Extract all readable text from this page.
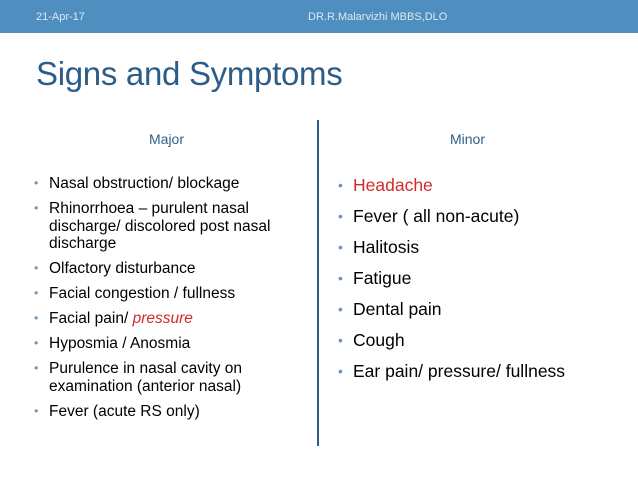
21-Apr-17	DR.R.Malarvizhi MBBS,DLO
Signs and Symptoms
Major	Minor
• Nasal obstruction/ blockage
• Rhinorrhoea – purulent nasal discharge/ discolored post nasal discharge
• Olfactory disturbance
• Facial congestion / fullness
• Facial pain/ pressure
• Hyposmia / Anosmia
• Purulence in nasal cavity on examination (anterior nasal)
• Fever (acute RS only)
• Headache
• Fever ( all non-acute)
• Halitosis
• Fatigue
• Dental pain
• Cough
• Ear pain/ pressure/ fullness
